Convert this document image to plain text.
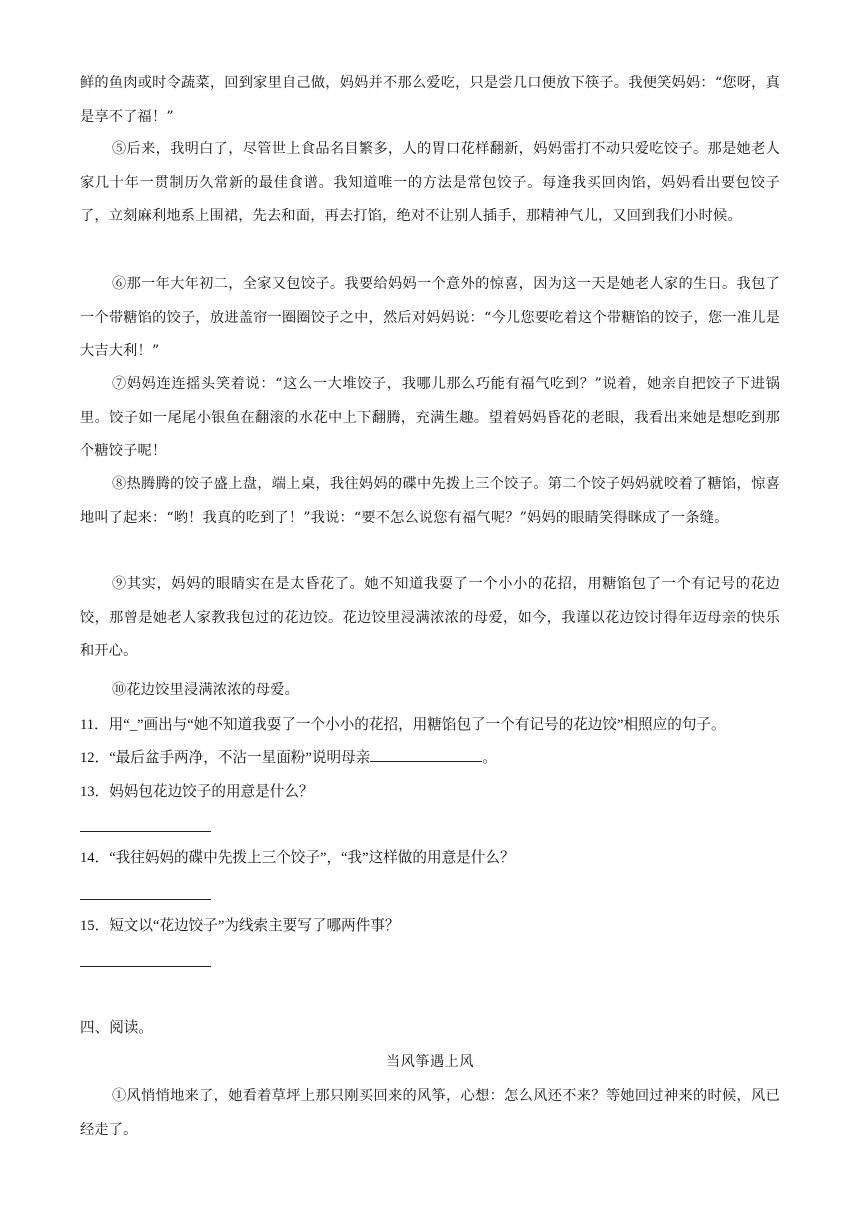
鲜的鱼肉或时令蔬菜，回到家里自己做，妈妈并不那么爱吃，只是尝几口便放下筷子。我便笑妈妈：“您呀，真是享不了福！”

⑤后来，我明白了，尽管世上食品名目繁多，人的胃口花样翻新，妈妈雷打不动只爱吃饺子。那是她老人家几十年一贯制历久常新的最佳食谱。我知道唯一的方法是常包饺子。每逢我买回肉馅，妈妈看出要包饺子了，立刻麻利地系上围裙，先去和面，再去打馅，绝对不让别人插手，那精神气儿，又回到我们小时候。

⑥那一年大年初二，全家又包饺子。我要给妈妈一个意外的惊喜，因为这一天是她老人家的生日。我包了一个带糖馅的饺子，放进盖帘一圈圈饺子之中，然后对妈妈说：“今儿您要吃着这个带糖馅的饺子，您一准儿是大吉大利！”

⑦妈妈连连摇头笑着说：“这么一大堆饺子，我哪儿那么巧能有福气吃到？”说着，她亲自把饺子下进锅里。饺子如一尾尾小银鱼在翻滚的水花中上下翻腾，充满生趣。望着妈妈昏花的老眼，我看出来她是想吃到那个糖饺子呢！

⑧热腾腾的饺子盛上盘，端上桌，我往妈妈的碟中先拨上三个饺子。第二个饺子妈妈就咬着了糖馅，惊喜地叫了起来：“哟！我真的吃到了！”我说：“要不怎么说您有福气呢？”妈妈的眼睛笑得眯成了一条缝。

⑨其实，妈妈的眼睛实在是太昏花了。她不知道我耍了一个小小的花招，用糖馅包了一个有记号的花边饺，那曾是她老人家教我包过的花边饺。花边饺里浸满浓浓的母爱，如今，我谨以花边饺讨得年迈母亲的快乐和开心。

⑩花边饺里浸满浓浓的母爱。

11．用“_”画出与“她不知道我耍了一个小小的花招，用糖馅包了一个有记号的花边饺”相照应的句子。

12．“最后盆手两净，不沾一星面粉”说明母亲	。

13．妈妈包花边饺子的用意是什么？

14．“我往妈妈的碟中先拨上三个饺子”，“我”这样做的用意是什么？

15．短文以“花边饺子”为线索主要写了哪两件事？

四、阅读。

当风筝遇上风

①风悄悄地来了，她看着草坪上那只刚买回来的风筝，心想：怎么风还不来？等她回过神来的时候，风已经走了。
